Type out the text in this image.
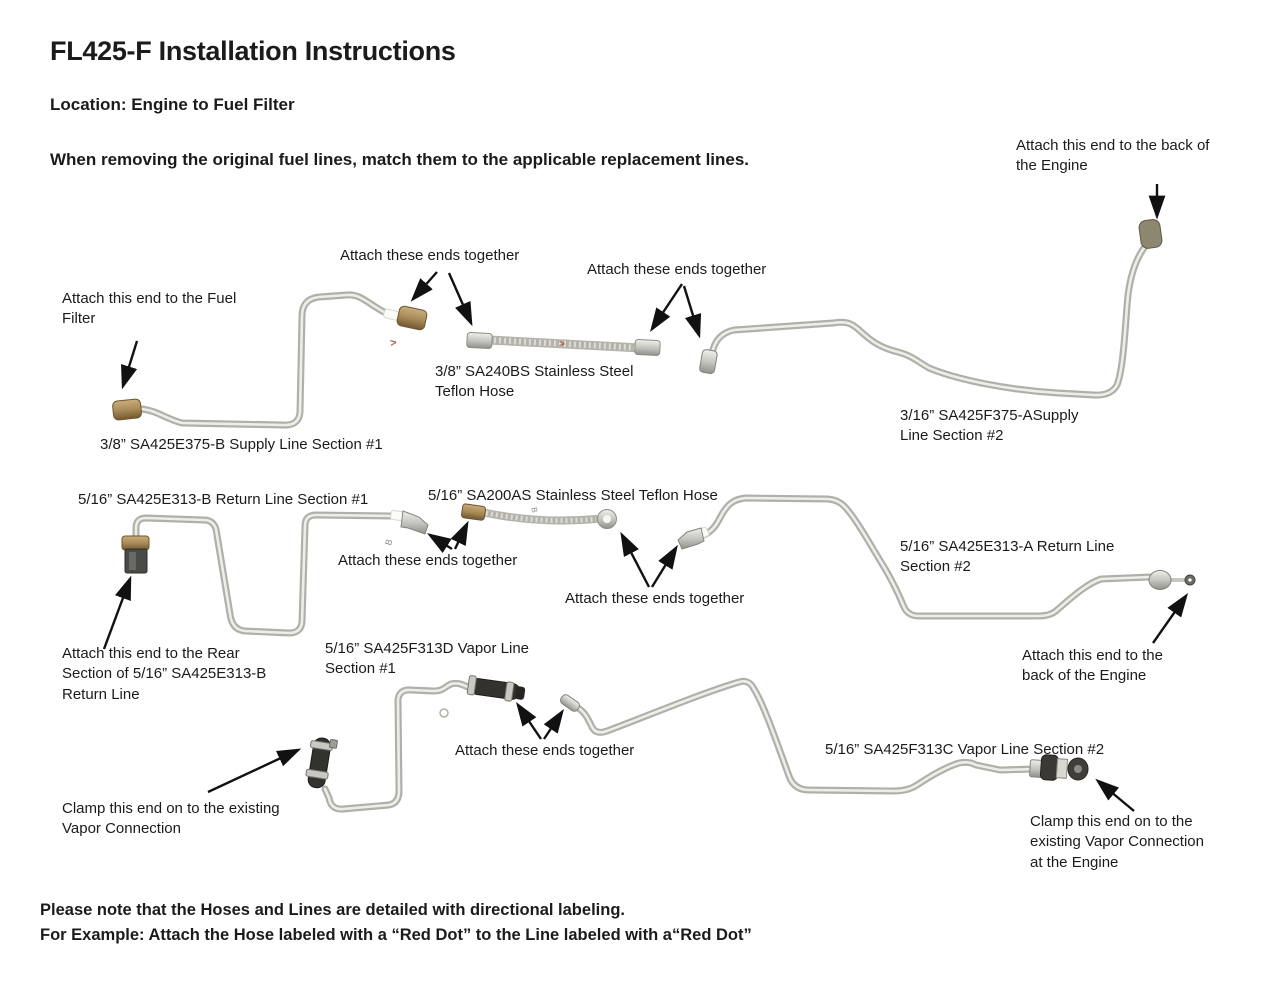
>	>
B
B
FL425-F Installation Instructions
Location: Engine to Fuel Filter
When removing the original fuel lines, match them to the applicable replacement lines.
Attach this end to the back of the Engine
Attach these ends together
Attach these ends together
Attach this end to the Fuel Filter
3/8” SA240BS Stainless Steel Teflon Hose
3/8” SA425E375-B Supply Line Section #1
3/16” SA425F375-ASupply Line Section #2
5/16” SA425E313-B Return Line Section #1	5/16” SA200AS Stainless Steel Teflon Hose
Attach these ends together
Attach these ends together
5/16” SA425E313-A Return Line Section #2
Attach this end to the Rear Section of 5/16” SA425E313-B Return Line
5/16” SA425F313D Vapor Line Section #1
Attach these ends together	5/16” SA425F313C Vapor Line Section #2
Attach this end to the back of the Engine
Clamp this end on to the existing Vapor Connection	Clamp this end on to the existing Vapor Connection at the Engine
Please note that the Hoses and Lines are detailed with directional labeling.
For Example: Attach the Hose labeled with a “Red Dot” to the Line labeled with a“Red Dot”
